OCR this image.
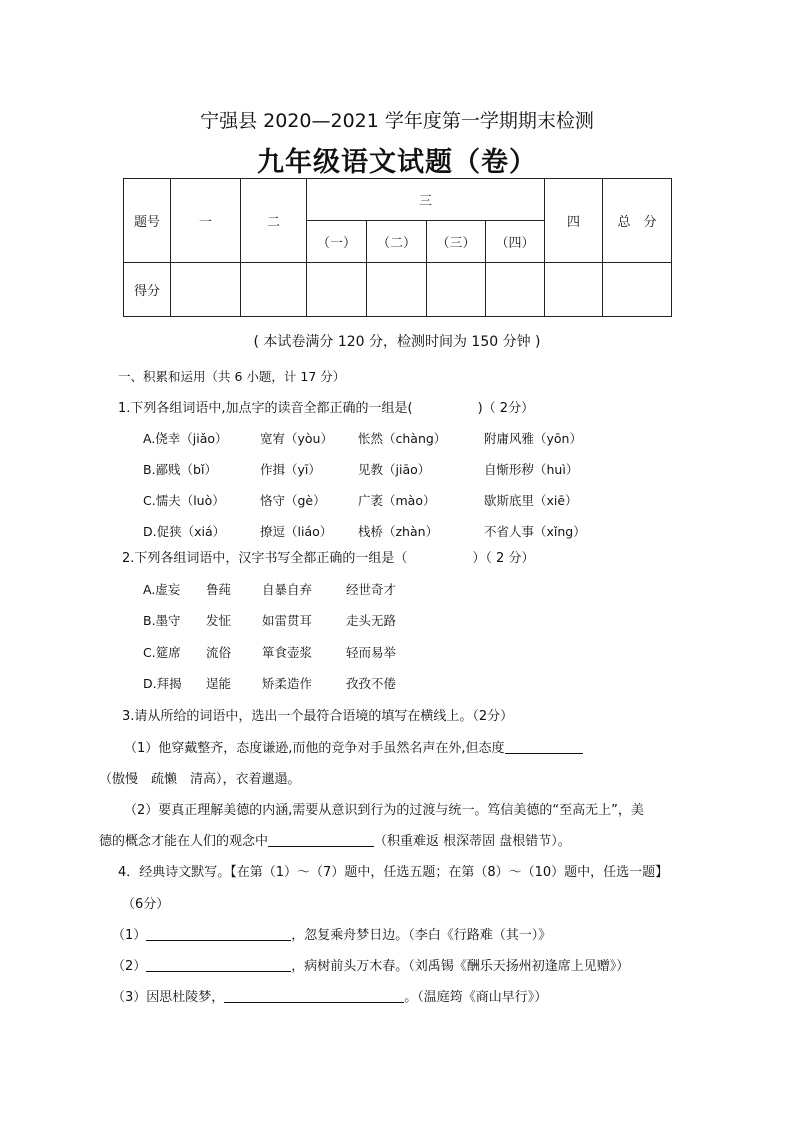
宁强县 2020—2021 学年度第一学期期末检测
九年级语文试题（卷）
题号	一	二	三				四	总　分
			（一）	（二）	（三）	（四）		
得分								
( 本试卷满分 120 分，检测时间为 150 分钟 )
一、积累和运用（共 6 小题，计 17 分）
1.下列各组词语中,加点字的读音全都正确的一组是(　　　　　)（ 2分）
A.侥幸（jiǎo）	宽宥（yòu） 怅然（chàng）	附庸风雅（yōn）
B.鄙贱（bǐ）	作揖（yī）	见教（jiāo）	自惭形秽（huì）
C.懦夫（luò）	恪守（gè）	广袤（mào）	歇斯底里（xiē）
D.促狭（xiá）	撩逗（liáo） 栈桥（zhàn）	不省人事（xǐng）
2.下列各组词语中，汉字书写全都正确的一组是（　　　　　）（ 2 分）
A.虚妄 鲁莼 自暴自弃	经世奇才
B.墨守 发怔 如雷贯耳	走头无路
C.筵席 流俗 箪食壶浆	轻而易举
D.拜揭 逞能 矫柔造作	孜孜不倦
3.请从所给的词语中，选出一个最符合语境的填写在横线上。（2分）
（1）他穿戴整齐，态度谦逊,而他的竞争对手虽然名声在外,但态度
（傲慢　疏懒　清高），衣着邋遢。
（2）要真正理解美德的内涵,需要从意识到行为的过渡与统一。笃信美德的“至高无上”，美
德的概念才能在人们的观念中	（积重难返 根深蒂固 盘根错节）。
4．经典诗文默写。【在第（1）～（7）题中，任选五题；在第（8）～（10）题中，任选一题】
（6分）
（1）	，忽复乘舟梦日边。（李白《行路难（其一）》
（2）	，病树前头万木春。（刘禹锡《酬乐天扬州初逢席上见赠》）
（3）因思杜陵梦，	。（温庭筠《商山早行》）
